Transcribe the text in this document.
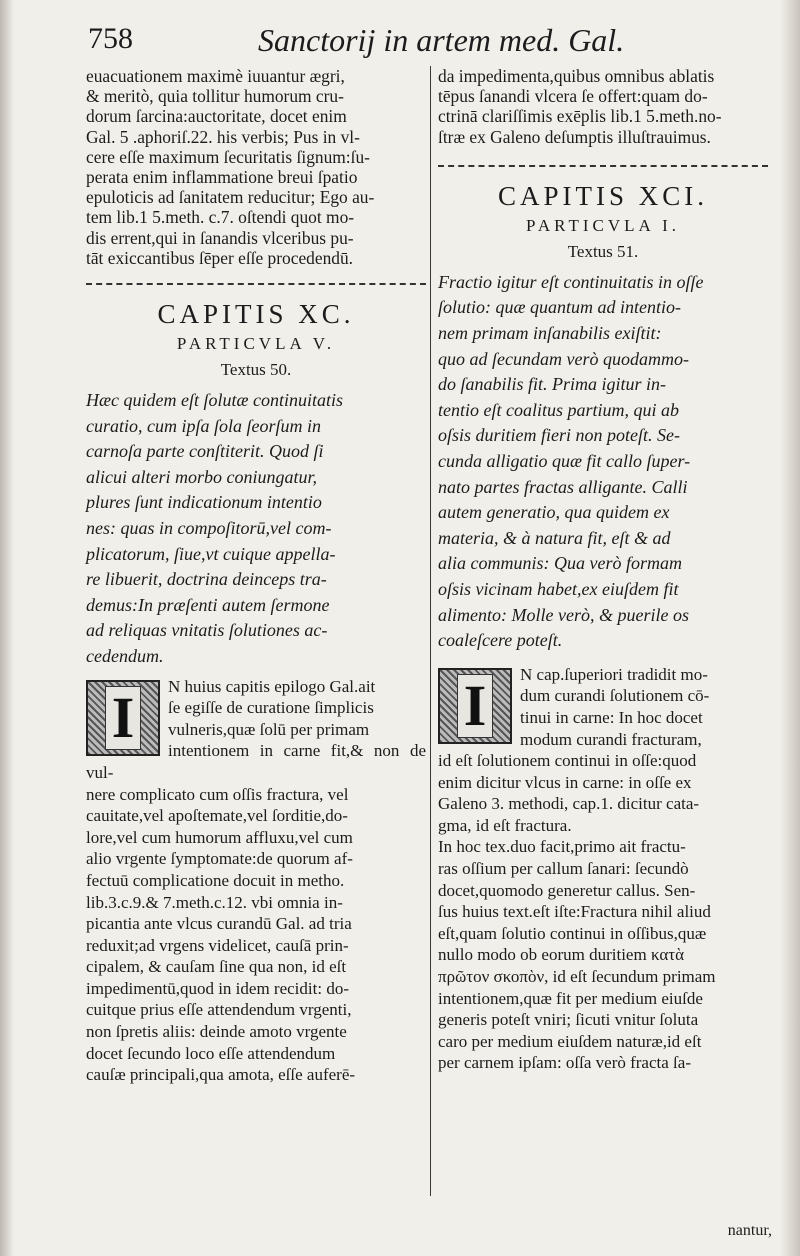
758	Sanctorij in artem med. Gal.
euacuationem maximè iuuantur ægri,
& meritò, quia tollitur humorum cru-
dorum ſarcina:auctoritate, docet enim
Gal. 5 .aphoriſ.22. his verbis; Pus in vl-
cere eſſe maximum ſecuritatis ſignum:ſu-
perata enim inflammatione breui ſpatio
epuloticis ad ſanitatem reducitur; Ego au-
tem lib.1 5.meth. c.7. oſtendi quot mo-
dis errent,qui in ſanandis vlceribus pu-
tāt exiccantibus ſēper eſſe procedendū.
CAPITIS XC.
PARTICVLA V.
Textus 50.
Hæc quidem eſt ſolutæ continuitatis
curatio, cum ipſa ſola ſeorſum in
carnoſa parte conſtiterit. Quod ſi
alicui alteri morbo coniungatur,
plures ſunt indicationum intentio
nes: quas in compoſitorū,vel com-
plicatorum, ſiue,vt cuique appella-
re libuerit, doctrina deinceps tra-
demus:In præſenti autem ſermone
ad reliquas vnitatis ſolutiones ac-
cedendum.
I	N huius capitis epilogo Gal.ait
ſe egiſſe de curatione ſimplicis
vulneris,quæ ſolū per primam
intentionem in carne fit,& non de vul-
nere complicato cum oſſis fractura, vel
cauitate,vel apoſtemate,vel ſorditie,do-
lore,vel cum humorum affluxu,vel cum
alio vrgente ſymptomate:de quorum af-
fectuū complicatione docuit in metho.
lib.3.c.9.& 7.meth.c.12. vbi omnia in-
picantia ante vlcus curandū Gal. ad tria
reduxit;ad vrgens videlicet, cauſā prin-
cipalem, & cauſam ſine qua non, id eſt
impedimentū,quod in idem recidit: do-
cuitque prius eſſe attendendum vrgenti,
non ſpretis aliis: deinde amoto vrgente
docet ſecundo loco eſſe attendendum
cauſæ principali,qua amota, eſſe auferē-
da impedimenta,quibus omnibus ablatis
tēpus ſanandi vlcera ſe offert:quam do-
ctrinā clariſſimis exēplis lib.1 5.meth.no-
ſtræ ex Galeno deſumptis illuſtrauimus.
CAPITIS XCI.
PARTICVLA I.
Textus 51.
Fractio igitur eſt continuitatis in oſſe
ſolutio: quæ quantum ad intentio-
nem primam inſanabilis exiſtit:
quo ad ſecundam verò quodammo-
do ſanabilis fit. Prima igitur in-
tentio eſt coalitus partium, qui ab
oſsis duritiem fieri non poteſt. Se-
cunda alligatio quæ fit callo ſuper-
nato partes fractas alligante. Calli
autem generatio, qua quidem ex
materia, & à natura fit, eſt & ad
alia communis: Qua verò formam
oſsis vicinam habet,ex eiuſdem fit
alimento: Molle verò, & puerile os
coaleſcere poteſt.
I	N cap.ſuperiori tradidit mo-
dum curandi ſolutionem cō-
tinui in carne: In hoc docet
modum curandi fracturam,
id eſt ſolutionem continui in oſſe:quod
enim dicitur vlcus in carne: in oſſe ex
Galeno 3. methodi, cap.1. dicitur cata-
gma, id eſt fractura.
In hoc tex.duo facit,primo ait fractu-
ras oſſium per callum ſanari: ſecundò
docet,quomodo generetur callus. Sen-
ſus huius text.eſt iſte:Fractura nihil aliud
eſt,quam ſolutio continui in oſſibus,quæ
nullo modo ob eorum duritiem κατὰ
πρῶτον σκοπὸν, id eſt ſecundum primam
intentionem,quæ fit per medium eiuſde
generis poteſt vniri; ſicuti vnitur ſoluta
caro per medium eiuſdem naturæ,id eſt
per carnem ipſam: oſſa verò fracta ſa-
nantur,
